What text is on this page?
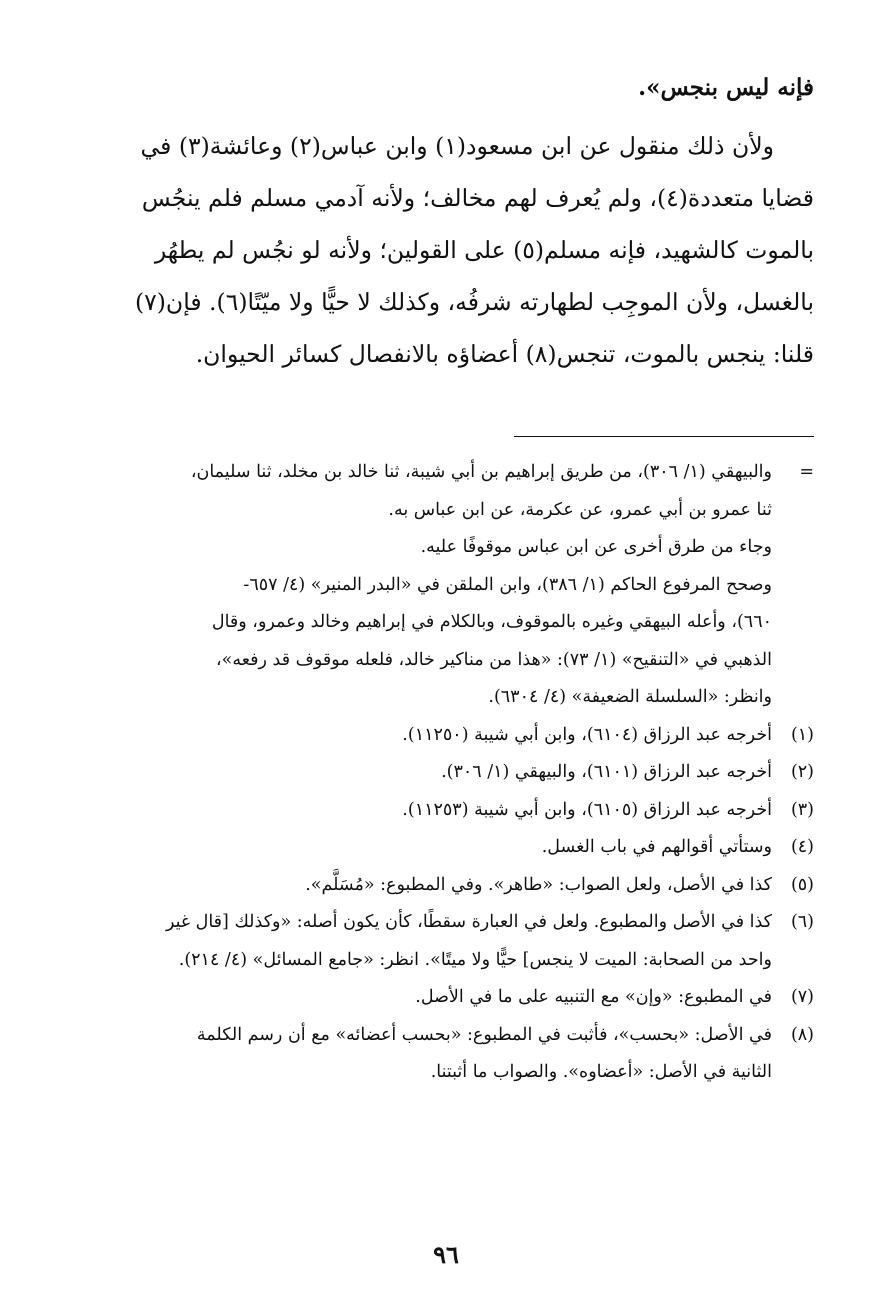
فإنه ليس بنجس».

ولأن ذلك منقول عن ابن مسعود(١) وابن عباس(٢) وعائشة(٣) في
قضايا متعددة(٤)، ولم يُعرف لهم مخالف؛ ولأنه آدمي مسلم فلم ينجُس
بالموت كالشهيد، فإنه مسلم(٥) على القولين؛ ولأنه لو نجُس لم يطهُر
بالغسل، ولأن الموجِب لطهارته شرفُه، وكذلك لا حيًّا ولا ميّتًا(٦). فإن(٧)
قلنا: ينجس بالموت، تنجس(٨) أعضاؤه بالانفصال كسائر الحيوان.

=
والبيهقي (١/ ٣٠٦)، من طريق إبراهيم بن أبي شيبة، ثنا خالد بن مخلد، ثنا سليمان،
ثنا عمرو بن أبي عمرو، عن عكرمة، عن ابن عباس به.
وجاء من طرق أخرى عن ابن عباس موقوفًا عليه.
وصحح المرفوع الحاكم (١/ ٣٨٦)، وابن الملقن في «البدر المنير» (٤/ ٦٥٧-
٦٦٠)، وأعله البيهقي وغيره بالموقوف، وبالكلام في إبراهيم وخالد وعمرو، وقال
الذهبي في «التنقيح» (١/ ٧٣): «هذا من مناكير خالد، فلعله موقوف قد رفعه»،
وانظر: «السلسلة الضعيفة» (٤/ ٦٣٠٤).
(١)
أخرجه عبد الرزاق (٦١٠٤)، وابن أبي شيبة (١١٢٥٠).
(٢)
أخرجه عبد الرزاق (٦١٠١)، والبيهقي (١/ ٣٠٦).
(٣)
أخرجه عبد الرزاق (٦١٠٥)، وابن أبي شيبة (١١٢٥٣).
(٤)
وستأتي أقوالهم في باب الغسل.
(٥)
كذا في الأصل، ولعل الصواب: «طاهر». وفي المطبوع: «مُسَلَّم».
(٦)
كذا في الأصل والمطبوع. ولعل في العبارة سقطًا، كأن يكون أصله: «وكذلك [قال غير
واحد من الصحابة: الميت لا ينجس] حيًّا ولا ميتًا». انظر: «جامع المسائل» (٤/ ٢١٤).
(٧)
في المطبوع: «وإن» مع التنبيه على ما في الأصل.
(٨)
في الأصل: «بحسب»، فأثبت في المطبوع: «بحسب أعضائه» مع أن رسم الكلمة
الثانية في الأصل: «أعضاوه». والصواب ما أثبتنا.
٩٦
